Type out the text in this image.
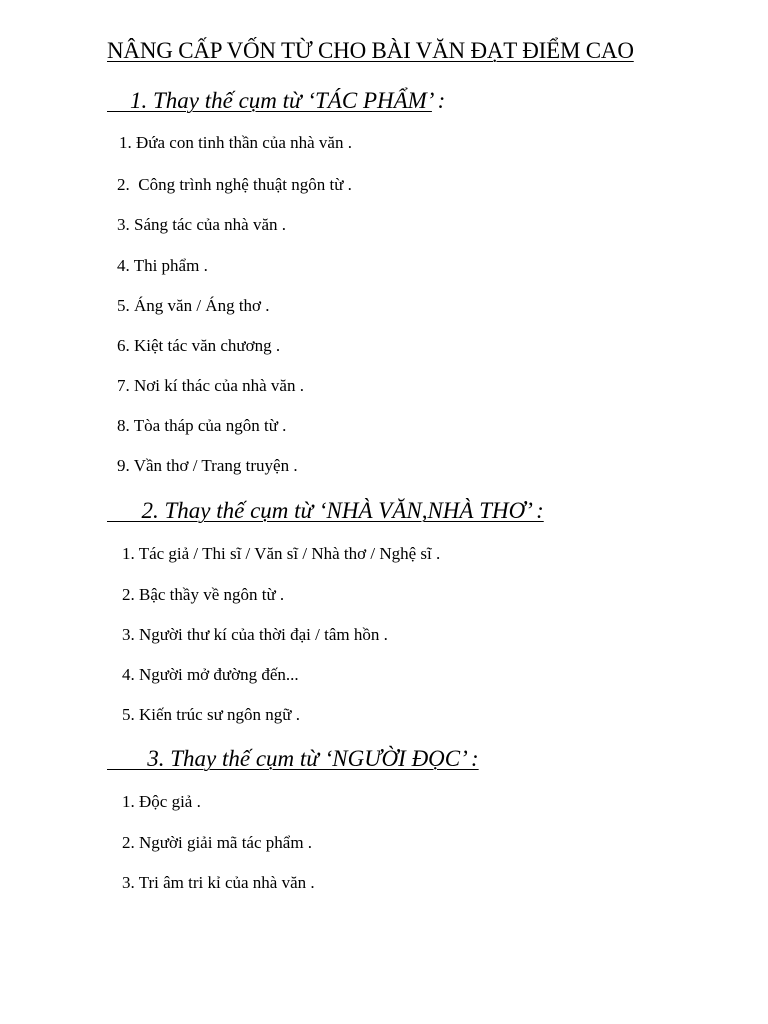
NÂNG CẤP VỐN TỪ CHO BÀI VĂN ĐẠT ĐIỂM CAO
1. Thay thế cụm từ ‘TÁC PHẨM’ :
1. Đứa con tinh thần của nhà văn .
2.  Công trình nghệ thuật ngôn từ .
3. Sáng tác của nhà văn .
4. Thi phẩm .
5. Áng văn / Áng thơ .
6. Kiệt tác văn chương .
7. Nơi kí thác của nhà văn .
8. Tòa tháp của ngôn từ .
9. Vần thơ / Trang truyện .
2. Thay thế cụm từ ‘NHÀ VĂN,NHÀ THƠ’ :
1. Tác giả / Thi sĩ / Văn sĩ / Nhà thơ / Nghệ sĩ .
2. Bậc thầy về ngôn từ .
3. Người thư kí của thời đại / tâm hồn .
4. Người mở đường đến...
5. Kiến trúc sư ngôn ngữ .
3. Thay thế cụm từ ‘NGƯỜI ĐỌC’ :
1. Độc giả .
2. Người giải mã tác phẩm .
3. Tri âm tri kỉ của nhà văn .
